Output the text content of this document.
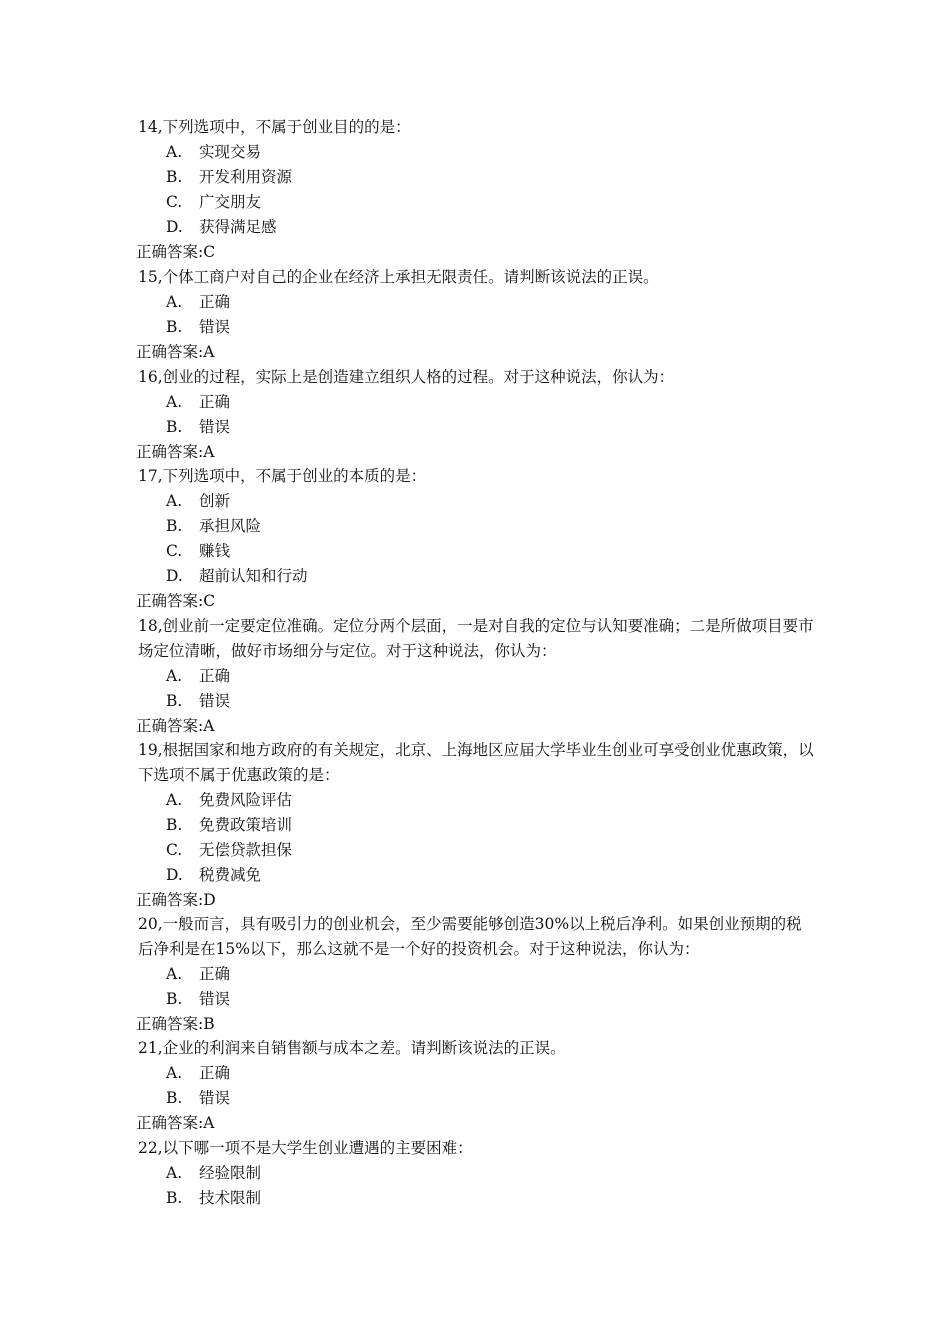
14,下列选项中，不属于创业目的的是：
A. 实现交易
B. 开发利用资源
C. 广交朋友
D. 获得满足感
正确答案:C
15,个体工商户对自己的企业在经济上承担无限责任。请判断该说法的正误。
A. 正确
B. 错误
正确答案:A
16,创业的过程，实际上是创造建立组织人格的过程。对于这种说法，你认为：
A. 正确
B. 错误
正确答案:A
17,下列选项中，不属于创业的本质的是：
A. 创新
B. 承担风险
C. 赚钱
D. 超前认知和行动
正确答案:C
18,创业前一定要定位准确。定位分两个层面，一是对自我的定位与认知要准确；二是所做项目要市场定位清晰，做好市场细分与定位。对于这种说法，你认为：
A. 正确
B. 错误
正确答案:A
19,根据国家和地方政府的有关规定，北京、上海地区应届大学毕业生创业可享受创业优惠政策，以下选项不属于优惠政策的是：
A. 免费风险评估
B. 免费政策培训
C. 无偿贷款担保
D. 税费减免
正确答案:D
20,一般而言，具有吸引力的创业机会，至少需要能够创造30%以上税后净利。如果创业预期的税后净利是在15%以下，那么这就不是一个好的投资机会。对于这种说法，你认为：
A. 正确
B. 错误
正确答案:B
21,企业的利润来自销售额与成本之差。请判断该说法的正误。
A. 正确
B. 错误
正确答案:A
22,以下哪一项不是大学生创业遭遇的主要困难：
A. 经验限制
B. 技术限制
